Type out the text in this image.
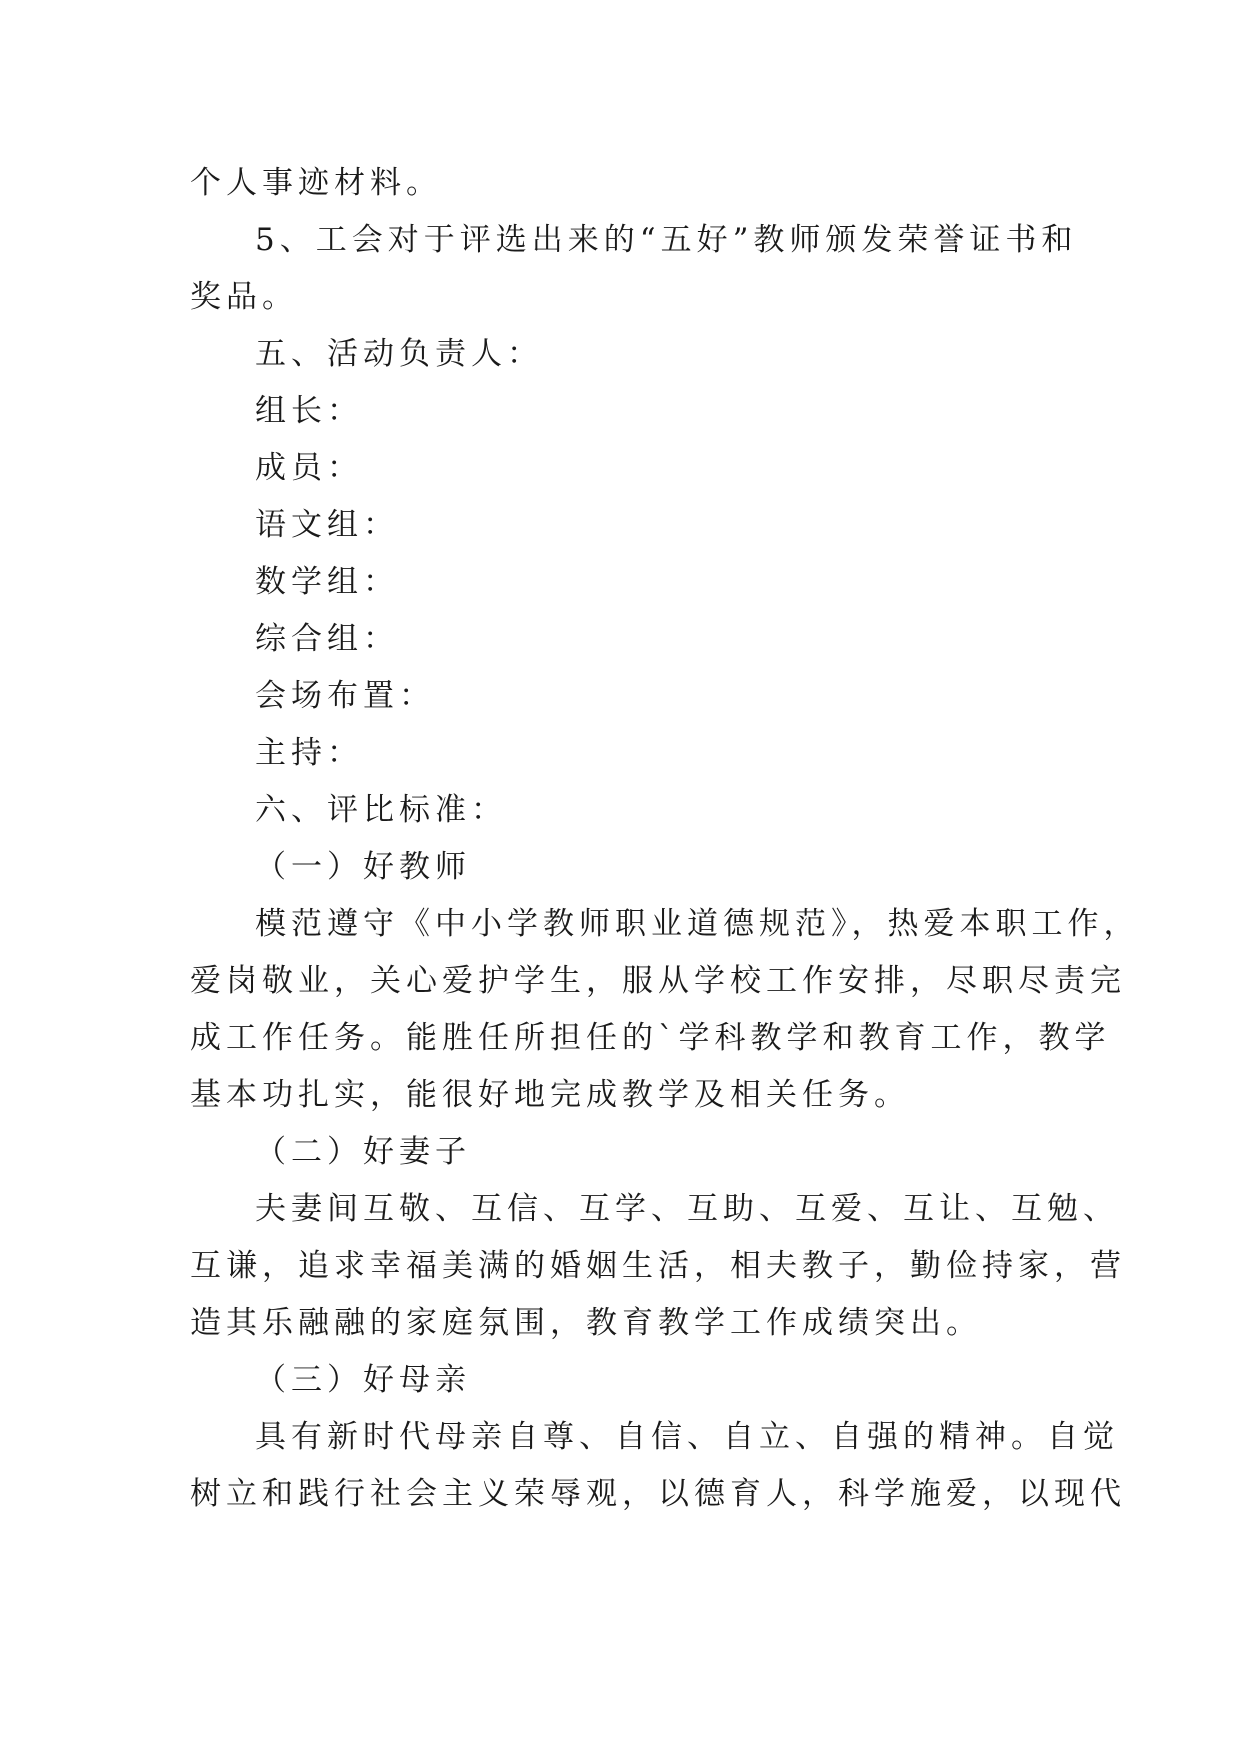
个人事迹材料。
5、工会对于评选出来的“五好”教师颁发荣誉证书和
奖品。
五、活动负责人：
组长：
成员：
语文组：
数学组：
综合组：
会场布置：
主持：
六、评比标准：
（一）好教师
模范遵守《中小学教师职业道德规范》，热爱本职工作，
爱岗敬业，关心爱护学生，服从学校工作安排，尽职尽责完
成工作任务。能胜任所担任的`学科教学和教育工作，教学
基本功扎实，能很好地完成教学及相关任务。
（二）好妻子
夫妻间互敬、互信、互学、互助、互爱、互让、互勉、
互谦，追求幸福美满的婚姻生活，相夫教子，勤俭持家，营
造其乐融融的家庭氛围，教育教学工作成绩突出。
（三）好母亲
具有新时代母亲自尊、自信、自立、自强的精神。自觉
树立和践行社会主义荣辱观，以德育人，科学施爱，以现代
